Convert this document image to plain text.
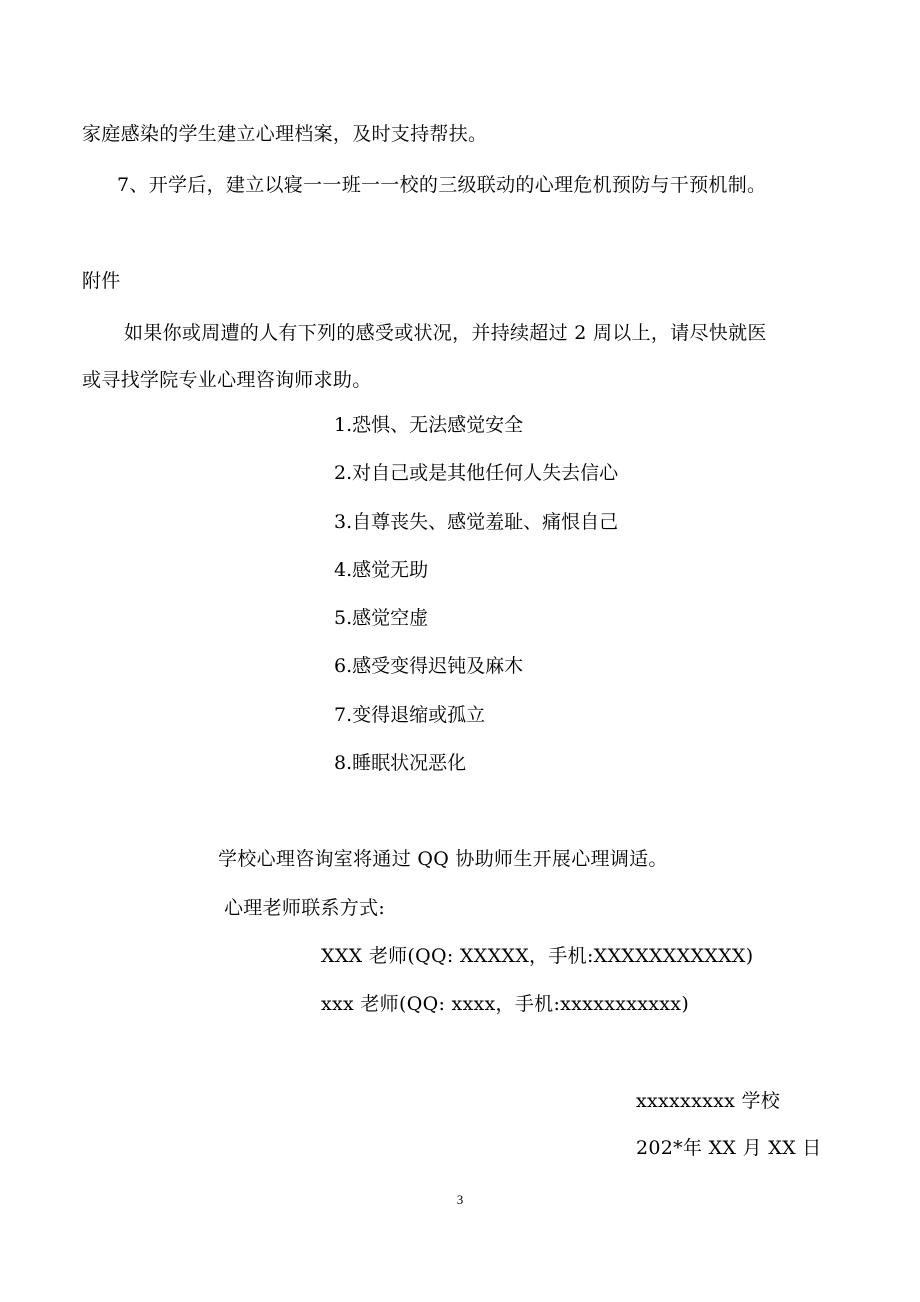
家庭感染的学生建立心理档案，及时支持帮扶。
7、开学后，建立以寝一一班一一校的三级联动的心理危机预防与干预机制。
附件
如果你或周遭的人有下列的感受或状况，并持续超过 2 周以上，请尽快就医
或寻找学院专业心理咨询师求助。
1.恐惧、无法感觉安全
2.对自己或是其他任何人失去信心
3.自尊丧失、感觉羞耻、痛恨自己
4.感觉无助
5.感觉空虚
6.感受变得迟钝及麻木
7.变得退缩或孤立
8.睡眠状况恶化
学校心理咨询室将通过 QQ 协助师生开展心理调适。
心理老师联系方式:
XXX 老师(QQ: XXXXX，手机:XXXXXXXXXXX)
xxx 老师(QQ: xxxx，手机:xxxxxxxxxxx)
xxxxxxxxx 学校
202*年 XX 月 XX 日
3
